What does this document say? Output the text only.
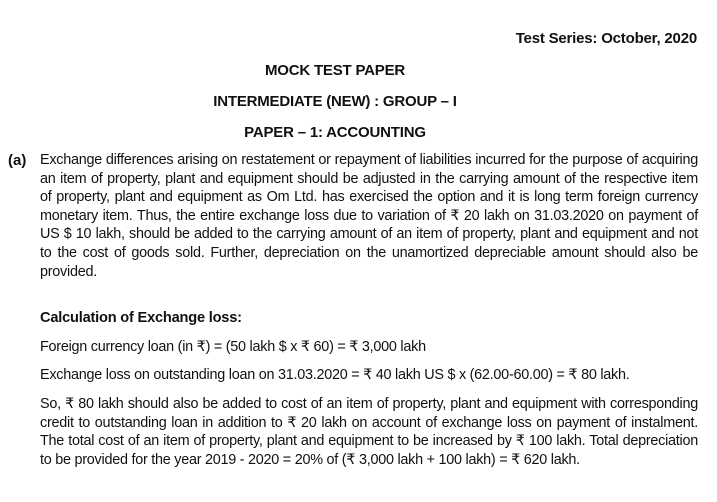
Test Series: October, 2020
MOCK TEST PAPER
INTERMEDIATE (NEW) : GROUP – I
PAPER – 1: ACCOUNTING
(a) Exchange differences arising on restatement or repayment of liabilities incurred for the purpose of acquiring an item of property, plant and equipment should be adjusted in the carrying amount of the respective item of property, plant and equipment as Om Ltd. has exercised the option and it is long term foreign currency monetary item. Thus, the entire exchange loss due to variation of ₹ 20 lakh on 31.03.2020 on payment of US $ 10 lakh, should be added to the carrying amount of an item of property, plant and equipment and not to the cost of goods sold. Further, depreciation on the unamortized depreciable amount should also be provided.
Calculation of Exchange loss:
Foreign currency loan (in ₹) = (50 lakh $ x ₹ 60) = ₹ 3,000 lakh
Exchange loss on outstanding loan on 31.03.2020 = ₹ 40 lakh US $ x (62.00-60.00) = ₹ 80 lakh.
So, ₹ 80 lakh should also be added to cost of an item of property, plant and equipment with corresponding credit to outstanding loan in addition to ₹ 20 lakh on account of exchange loss on payment of instalment. The total cost of an item of property, plant and equipment to be increased by ₹ 100 lakh. Total depreciation to be provided for the year 2019 - 2020 = 20% of (₹ 3,000 lakh + 100 lakh) = ₹ 620 lakh.
